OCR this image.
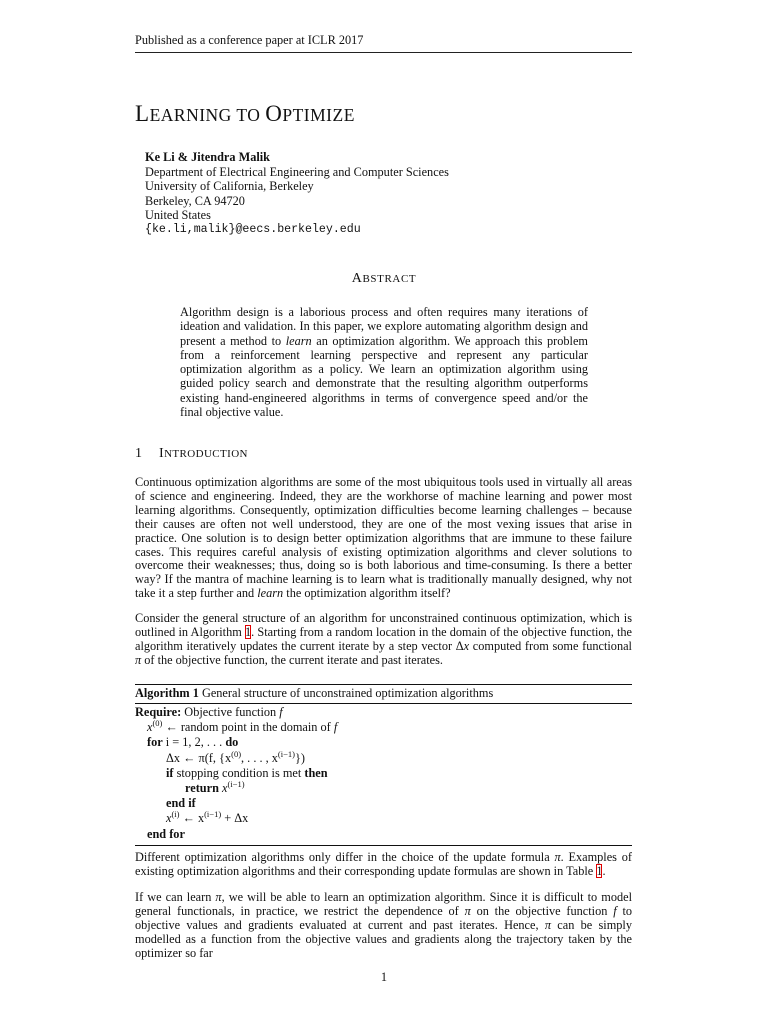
Published as a conference paper at ICLR 2017
LEARNING TO OPTIMIZE
Ke Li & Jitendra Malik
Department of Electrical Engineering and Computer Sciences
University of California, Berkeley
Berkeley, CA 94720
United States
{ke.li,malik}@eecs.berkeley.edu
ABSTRACT

Algorithm design is a laborious process and often requires many iterations of ideation and validation. In this paper, we explore automating algorithm design and present a method to learn an optimization algorithm. We approach this problem from a reinforcement learning perspective and represent any particular optimization algorithm as a policy. We learn an optimization algorithm using guided policy search and demonstrate that the resulting algorithm outperforms existing hand-engineered algorithms in terms of convergence speed and/or the final objective value.

1 INTRODUCTION

Continuous optimization algorithms are some of the most ubiquitous tools used in virtually all areas of science and engineering. Indeed, they are the workhorse of machine learning and power most learning algorithms. Consequently, optimization difficulties become learning challenges – because their causes are often not well understood, they are one of the most vexing issues that arise in practice. One solution is to design better optimization algorithms that are immune to these failure cases. This requires careful analysis of existing optimization algorithms and clever solutions to overcome their weaknesses; thus, doing so is both laborious and time-consuming. Is there a better way? If the mantra of machine learning is to learn what is traditionally manually designed, why not take it a step further and learn the optimization algorithm itself?

Consider the general structure of an algorithm for unconstrained continuous optimization, which is outlined in Algorithm 1. Starting from a random location in the domain of the objective function, the algorithm iteratively updates the current iterate by a step vector Δx computed from some functional π of the objective function, the current iterate and past iterates.

Algorithm 1 General structure of unconstrained optimization algorithms
Require: Objective function f
$x^{(0)}$ ← random point in the domain of f
for i = 1, 2, . . . do
Δx ← π(f, {$x^{(0)}$, . . . , $x^{(i-1)}$})
if stopping condition is met then
return $x^{(i-1)}$
end if
$x^{(i)}$ ← $x^{(i-1)} + \Delta x$
end for

Different optimization algorithms only differ in the choice of the update formula π. Examples of existing optimization algorithms and their corresponding update formulas are shown in Table 1.

If we can learn π, we will be able to learn an optimization algorithm. Since it is difficult to model general functionals, in practice, we restrict the dependence of π on the objective function f to objective values and gradients evaluated at current and past iterates. Hence, π can be simply modelled as a function from the objective values and gradients along the trajectory taken by the optimizer so far

1
